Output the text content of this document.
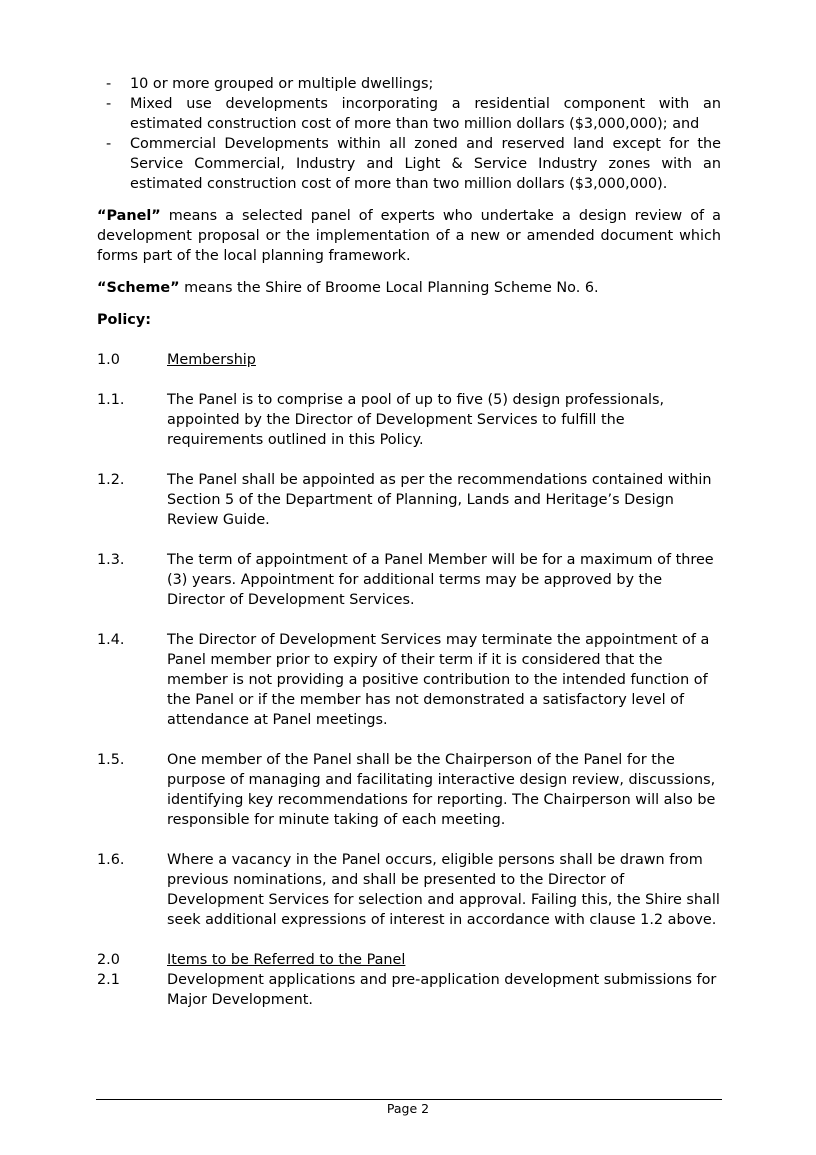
- 10 or more grouped or multiple dwellings;
- Mixed use developments incorporating a residential component with an estimated construction cost of more than two million dollars ($3,000,000); and
- Commercial Developments within all zoned and reserved land except for the Service Commercial, Industry and Light & Service Industry zones with an estimated construction cost of more than two million dollars ($3,000,000).

“Panel” means a selected panel of experts who undertake a design review of a development proposal or the implementation of a new or amended document which forms part of the local planning framework.

“Scheme” means the Shire of Broome Local Planning Scheme No. 6.

Policy:

1.0	Membership
1.1.	The Panel is to comprise a pool of up to five (5) design professionals, appointed by the Director of Development Services to fulfill the requirements outlined in this Policy.
1.2.	The Panel shall be appointed as per the recommendations contained within Section 5 of the Department of Planning, Lands and Heritage’s Design Review Guide.
1.3.	The term of appointment of a Panel Member will be for a maximum of three (3) years. Appointment for additional terms may be approved by the Director of Development Services.
1.4.	The Director of Development Services may terminate the appointment of a Panel member prior to expiry of their term if it is considered that the member is not providing a positive contribution to the intended function of the Panel or if the member has not demonstrated a satisfactory level of attendance at Panel meetings.
1.5.	One member of the Panel shall be the Chairperson of the Panel for the purpose of managing and facilitating interactive design review, discussions, identifying key recommendations for reporting. The Chairperson will also be responsible for minute taking of each meeting.
1.6.	Where a vacancy in the Panel occurs, eligible persons shall be drawn from previous nominations, and shall be presented to the Director of Development Services for selection and approval. Failing this, the Shire shall seek additional expressions of interest in accordance with clause 1.2 above.
2.0	Items to be Referred to the Panel
2.1	Development applications and pre-application development submissions for Major Development.
Page 2
